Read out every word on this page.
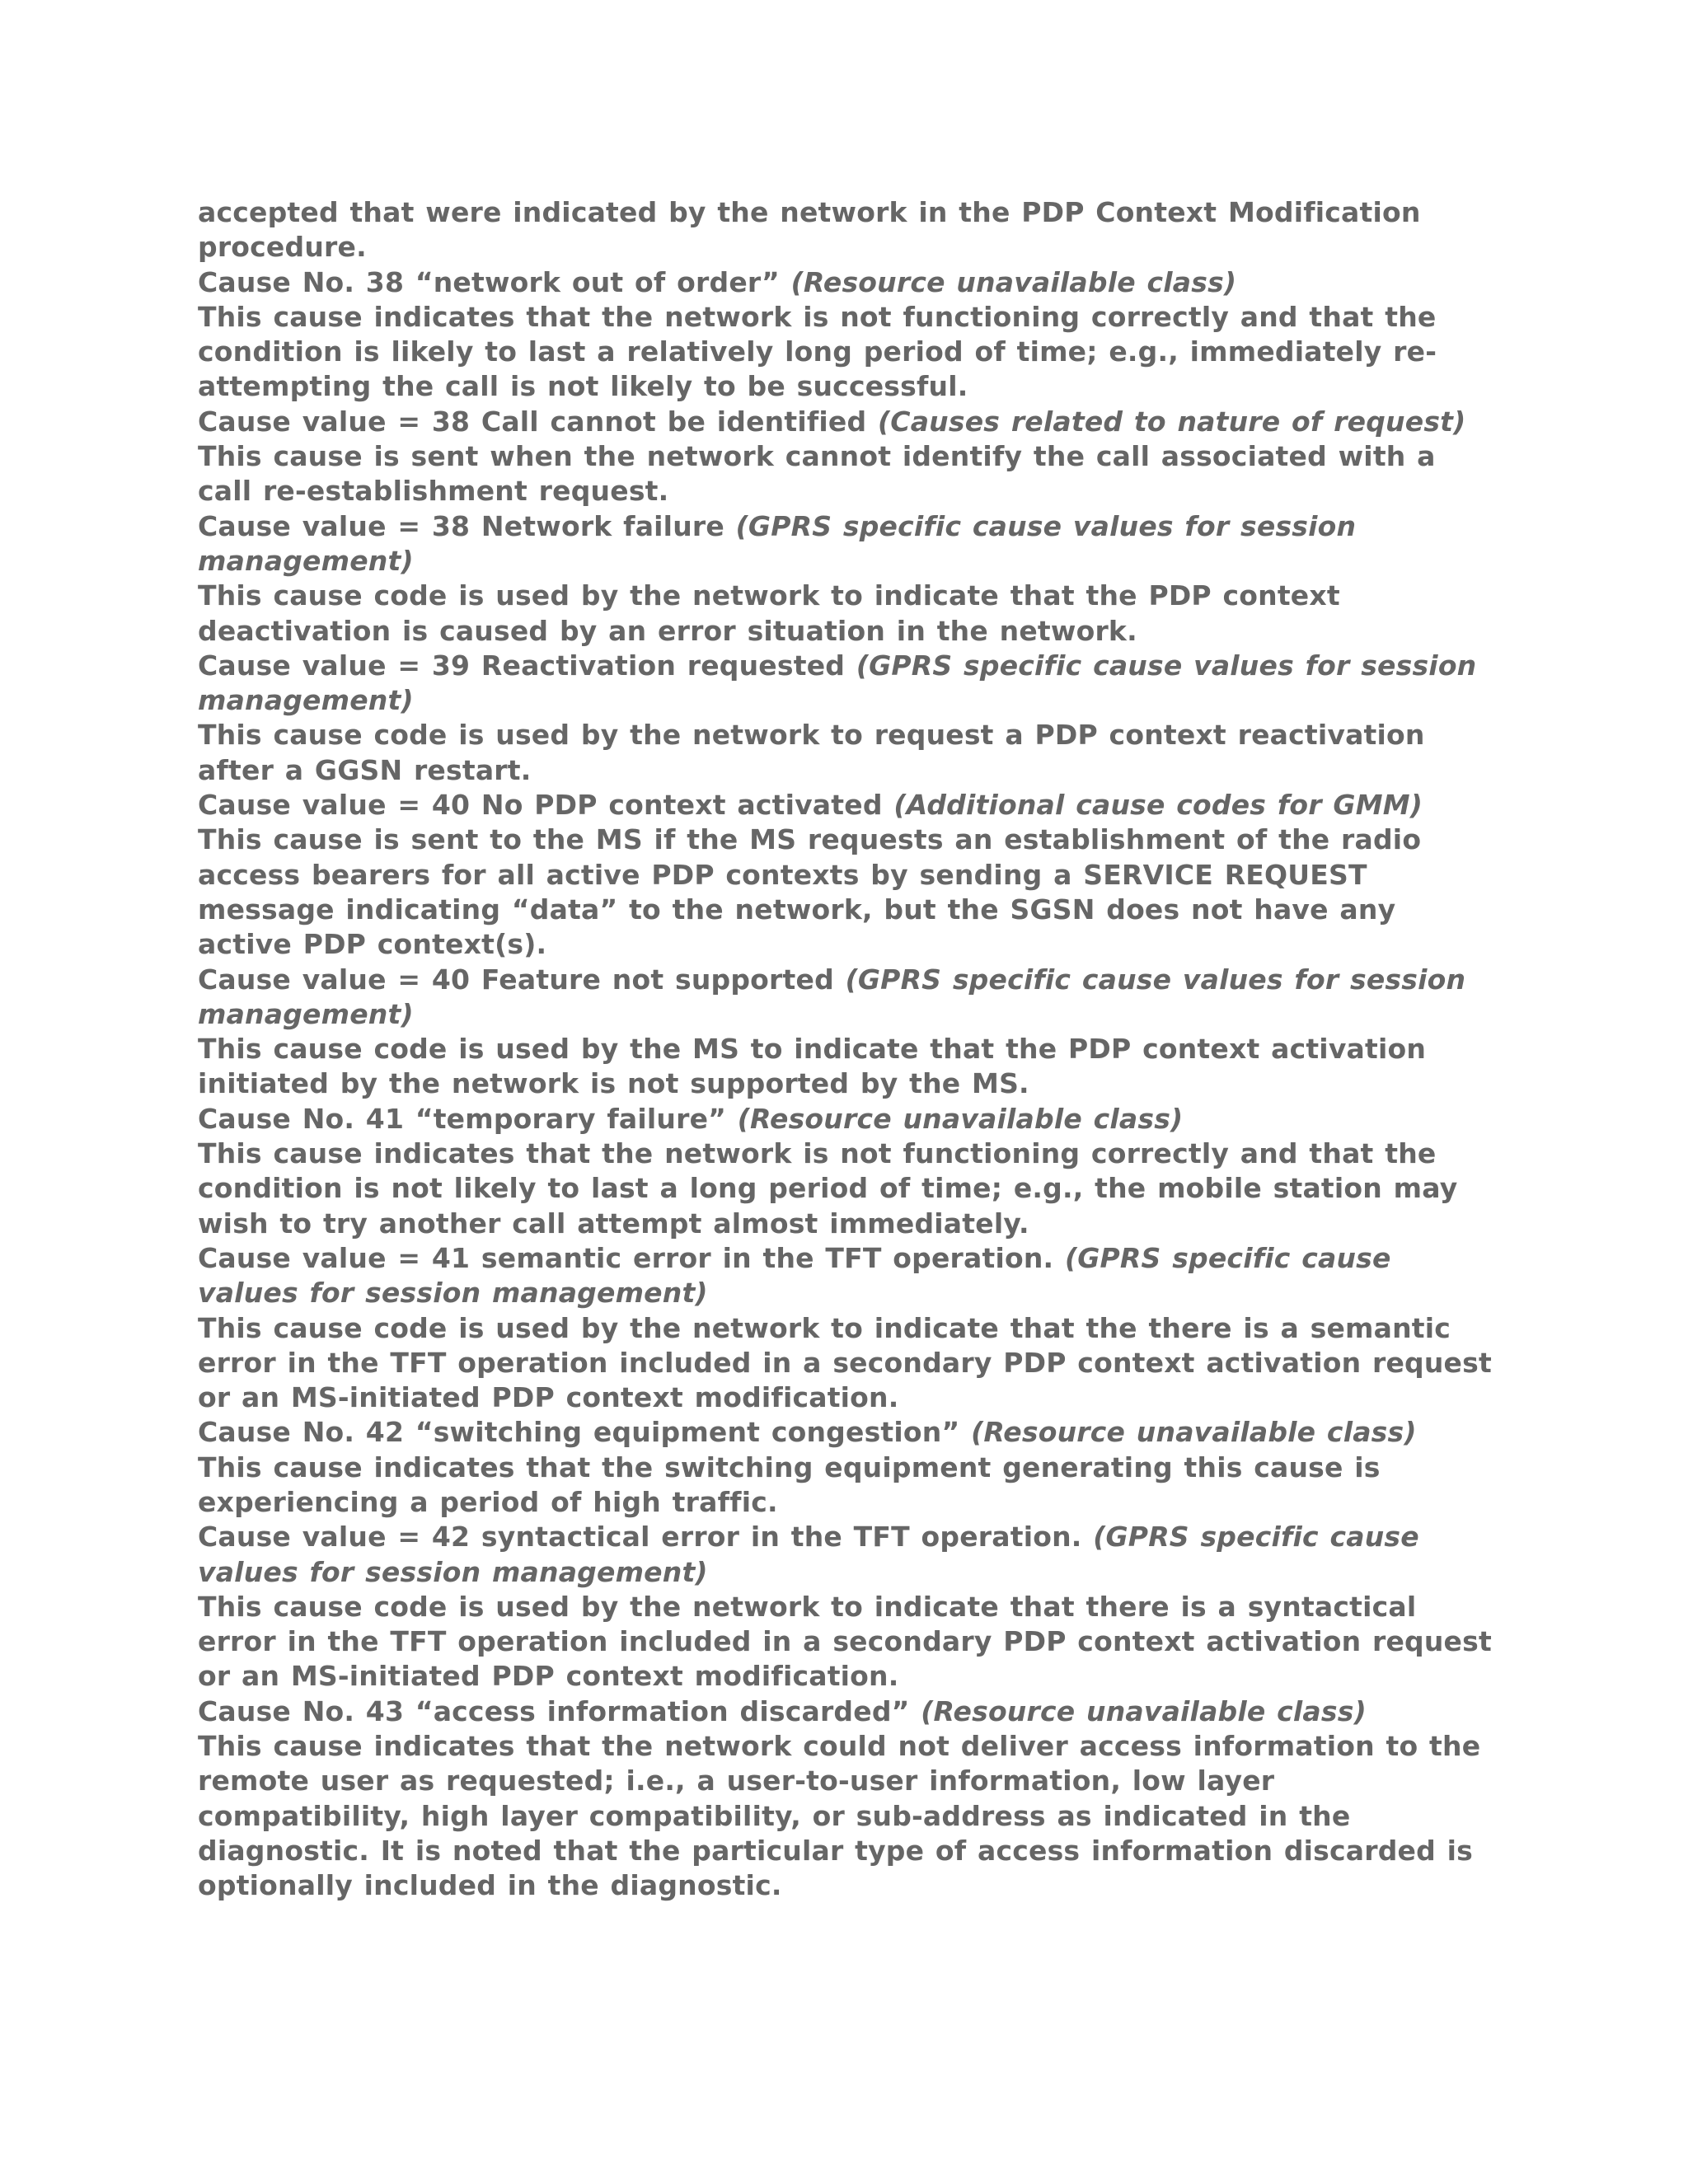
accepted that were indicated by the network in the PDP Context Modification procedure.

Cause No. 38 “network out of order” (Resource unavailable class)

This cause indicates that the network is not functioning correctly and that the condition is likely to last a relatively long period of time; e.g., immediately re-attempting the call is not likely to be successful.

Cause value = 38 Call cannot be identified (Causes related to nature of request)

This cause is sent when the network cannot identify the call associated with a call re-establishment request.

Cause value = 38 Network failure (GPRS specific cause values for session management)

This cause code is used by the network to indicate that the PDP context deactivation is caused by an error situation in the network.

Cause value = 39 Reactivation requested (GPRS specific cause values for session management)

This cause code is used by the network to request a PDP context reactivation after a GGSN restart.

Cause value = 40 No PDP context activated (Additional cause codes for GMM)

This cause is sent to the MS if the MS requests an establishment of the radio access bearers for all active PDP contexts by sending a SERVICE REQUEST message indicating “data” to the network, but the SGSN does not have any active PDP context(s).

Cause value = 40 Feature not supported (GPRS specific cause values for session management)

This cause code is used by the MS to indicate that the PDP context activation initiated by the network is not supported by the MS.

Cause No. 41 “temporary failure” (Resource unavailable class)

This cause indicates that the network is not functioning correctly and that the condition is not likely to last a long period of time; e.g., the mobile station may wish to try another call attempt almost immediately.

Cause value = 41 semantic error in the TFT operation. (GPRS specific cause values for session management)

This cause code is used by the network to indicate that the there is a semantic error in the TFT operation included in a secondary PDP context activation request or an MS-initiated PDP context modification.

Cause No. 42 “switching equipment congestion” (Resource unavailable class)

This cause indicates that the switching equipment generating this cause is experiencing a period of high traffic.

Cause value = 42 syntactical error in the TFT operation. (GPRS specific cause values for session management)

This cause code is used by the network to indicate that there is a syntactical error in the TFT operation included in a secondary PDP context activation request or an MS-initiated PDP context modification.

Cause No. 43 “access information discarded” (Resource unavailable class)

This cause indicates that the network could not deliver access information to the remote user as requested; i.e., a user-to-user information, low layer compatibility, high layer compatibility, or sub-address as indicated in the diagnostic. It is noted that the particular type of access information discarded is optionally included in the diagnostic.
